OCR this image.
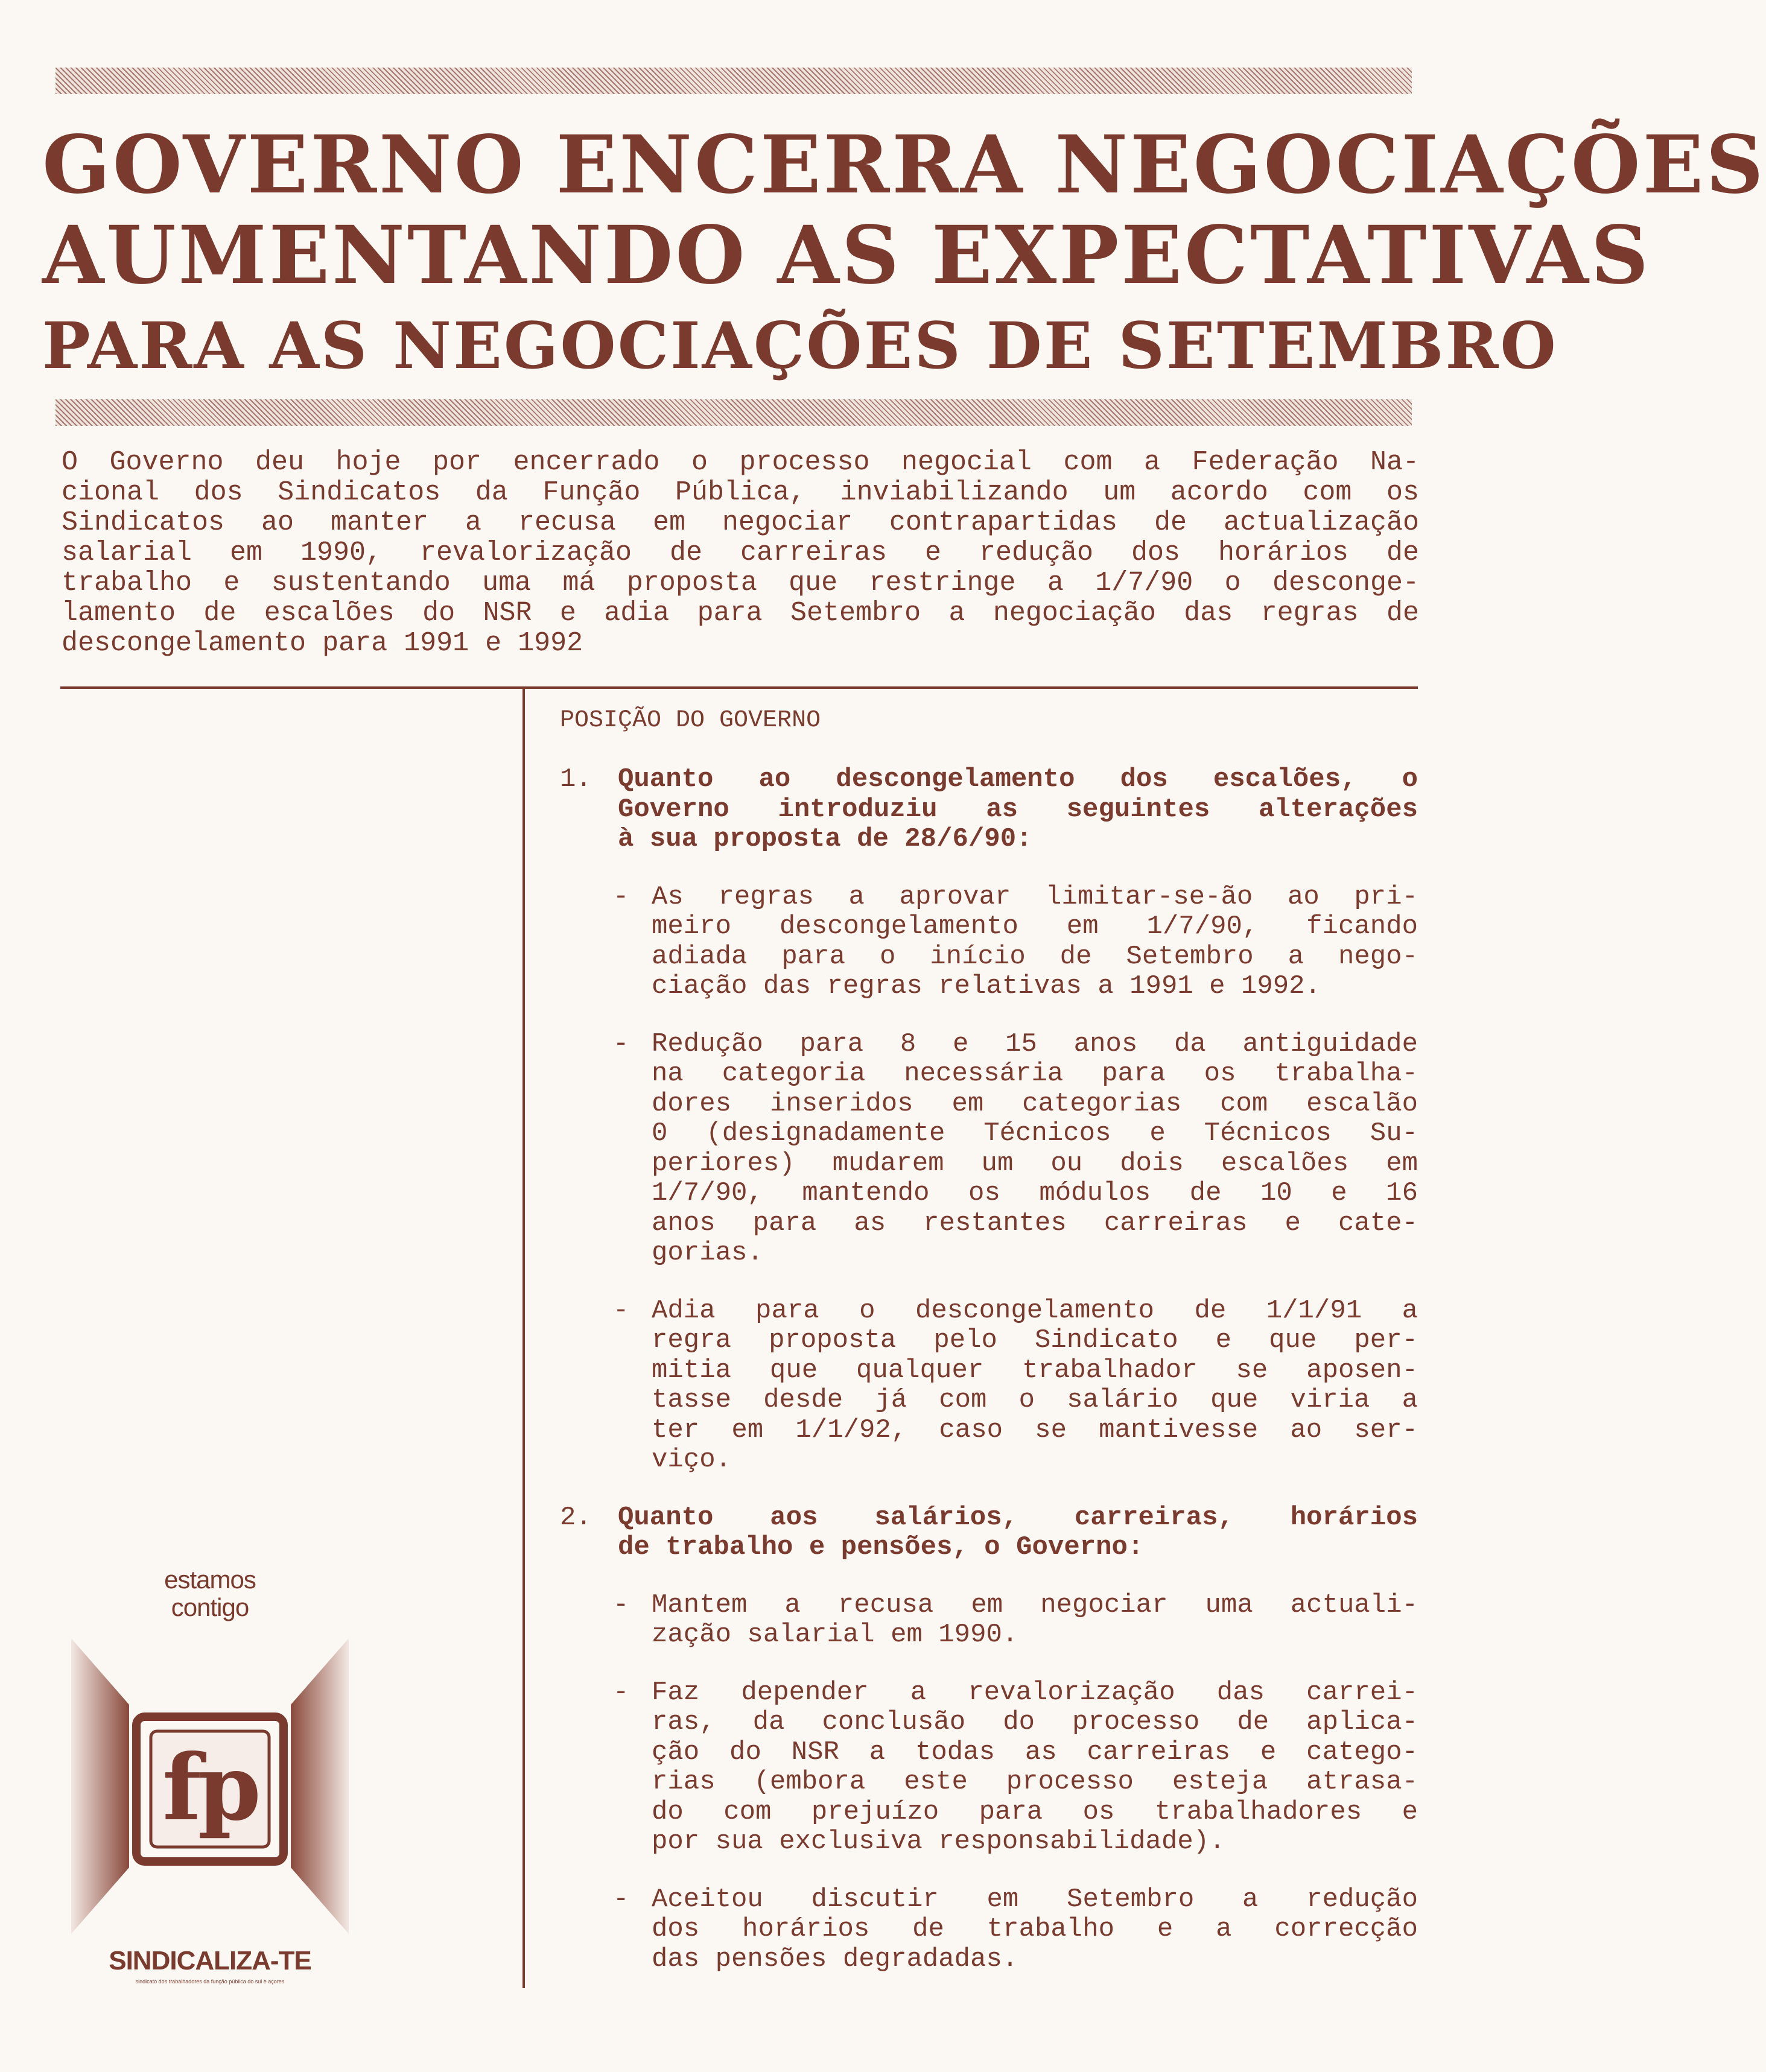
GOVERNO ENCERRA NEGOCIAÇÕES
AUMENTANDO AS EXPECTATIVAS
PARA AS NEGOCIAÇÕES DE SETEMBRO

O Governo deu hoje por encerrado o processo negocial com a Federação Na-
cional dos Sindicatos da Função Pública, inviabilizando um acordo com os
Sindicatos ao manter a recusa em negociar contrapartidas de actualização
salarial em 1990, revalorização de carreiras e redução dos horários de
trabalho e sustentando uma má proposta que restringe a 1/7/90 o desconge-
lamento de escalões do NSR e adia para Setembro a negociação das regras de
descongelamento para 1991 e 1992

POSIÇÃO DO GOVERNO

1. Quanto ao descongelamento dos escalões, o
Governo introduziu as seguintes alterações
à sua proposta de 28/6/90:
- As regras a aprovar limitar-se-ão ao pri-
meiro descongelamento em 1/7/90, ficando
adiada para o início de Setembro a nego-
ciação das regras relativas a 1991 e 1992.
- Redução para 8 e 15 anos da antiguidade
na categoria necessária para os trabalha-
dores inseridos em categorias com escalão
0 (designadamente Técnicos e Técnicos Su-
periores) mudarem um ou dois escalões em
1/7/90, mantendo os módulos de 10 e 16
anos para as restantes carreiras e cate-
gorias.
- Adia para o descongelamento de 1/1/91 a
regra proposta pelo Sindicato e que per-
mitia que qualquer trabalhador se aposen-
tasse desde já com o salário que viria a
ter em 1/1/92, caso se mantivesse ao ser-
viço.
2. Quanto aos salários, carreiras, horários
de trabalho e pensões, o Governo:
- Mantem a recusa em negociar uma actuali-
zação salarial em 1990.
- Faz depender a revalorização das carrei-
ras, da conclusão do processo de aplica-
ção do NSR a todas as carreiras e catego-
rias (embora este processo esteja atrasa-
do com prejuízo para os trabalhadores e
por sua exclusiva responsabilidade).
- Aceitou discutir em Setembro a redução
dos horários de trabalho e a correcção
das pensões degradadas.
estamos
contigo
fp
SINDICALIZA-TE
sindicato dos trabalhadores da função pública do sul e açores
